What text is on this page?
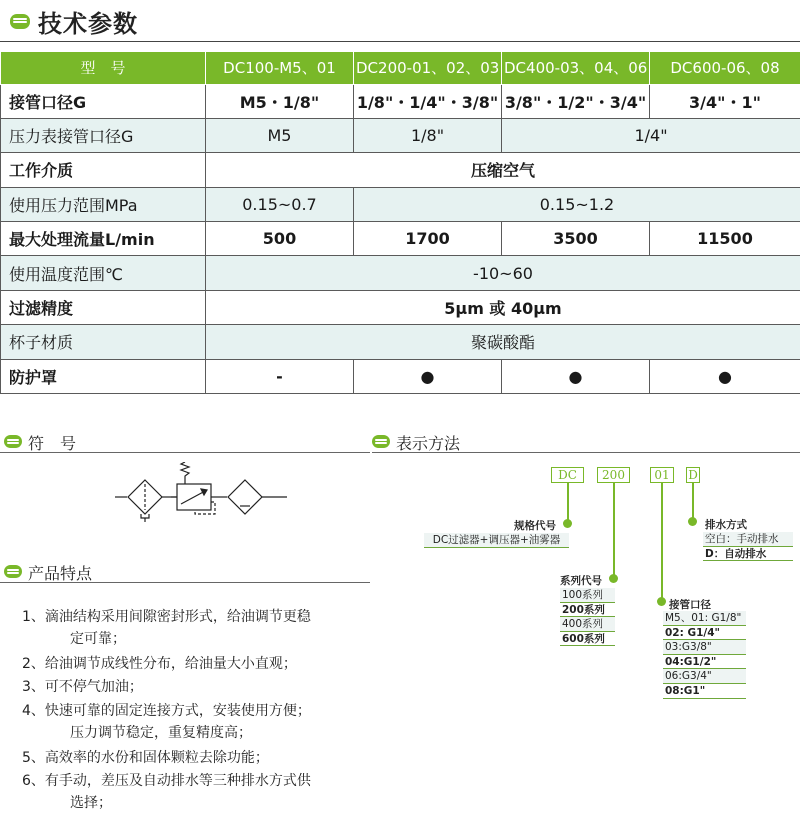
技术参数
型　号	DC100-M5、01	DC200-01、02、03	DC400-03、04、06	DC600-06、08
接管口径G	M5・1/8"	1/8"・1/4"・3/8"	3/8"・1/2"・3/4"	3/4"・1"
压力表接管口径G	M5	1/8"	1/4"	
工作介质	压缩空气			
使用压力范围MPa	0.15~0.7	0.15~1.2		
最大处理流量L/min	500	1700	3500	11500
使用温度范围℃	-10~60			
过滤精度	5μm 或 40μm			
杯子材质	聚碳酸酯			
防护罩	-	●	●	●
符　号
产品特点
1、滴油结构采用间隙密封形式，给油调节更稳
定可靠；
2、给油调节成线性分布，给油量大小直观；
3、可不停气加油；
4、快速可靠的固定连接方式，安装使用方便；
压力调节稳定，重复精度高；
5、高效率的水份和固体颗粒去除功能；
6、有手动，差压及自动排水等三种排水方式供
选择；
表示方法
DC	200	01	D
规格代号
DC过滤器+调压器+油雾器
排水方式
空白：手动排水
D：自动排水
系列代号
100系列
200系列
400系列
600系列
接管口径
M5、01: G1/8"
02: G1/4"
03:G3/8"
04:G1/2"
06:G3/4"
08:G1"
